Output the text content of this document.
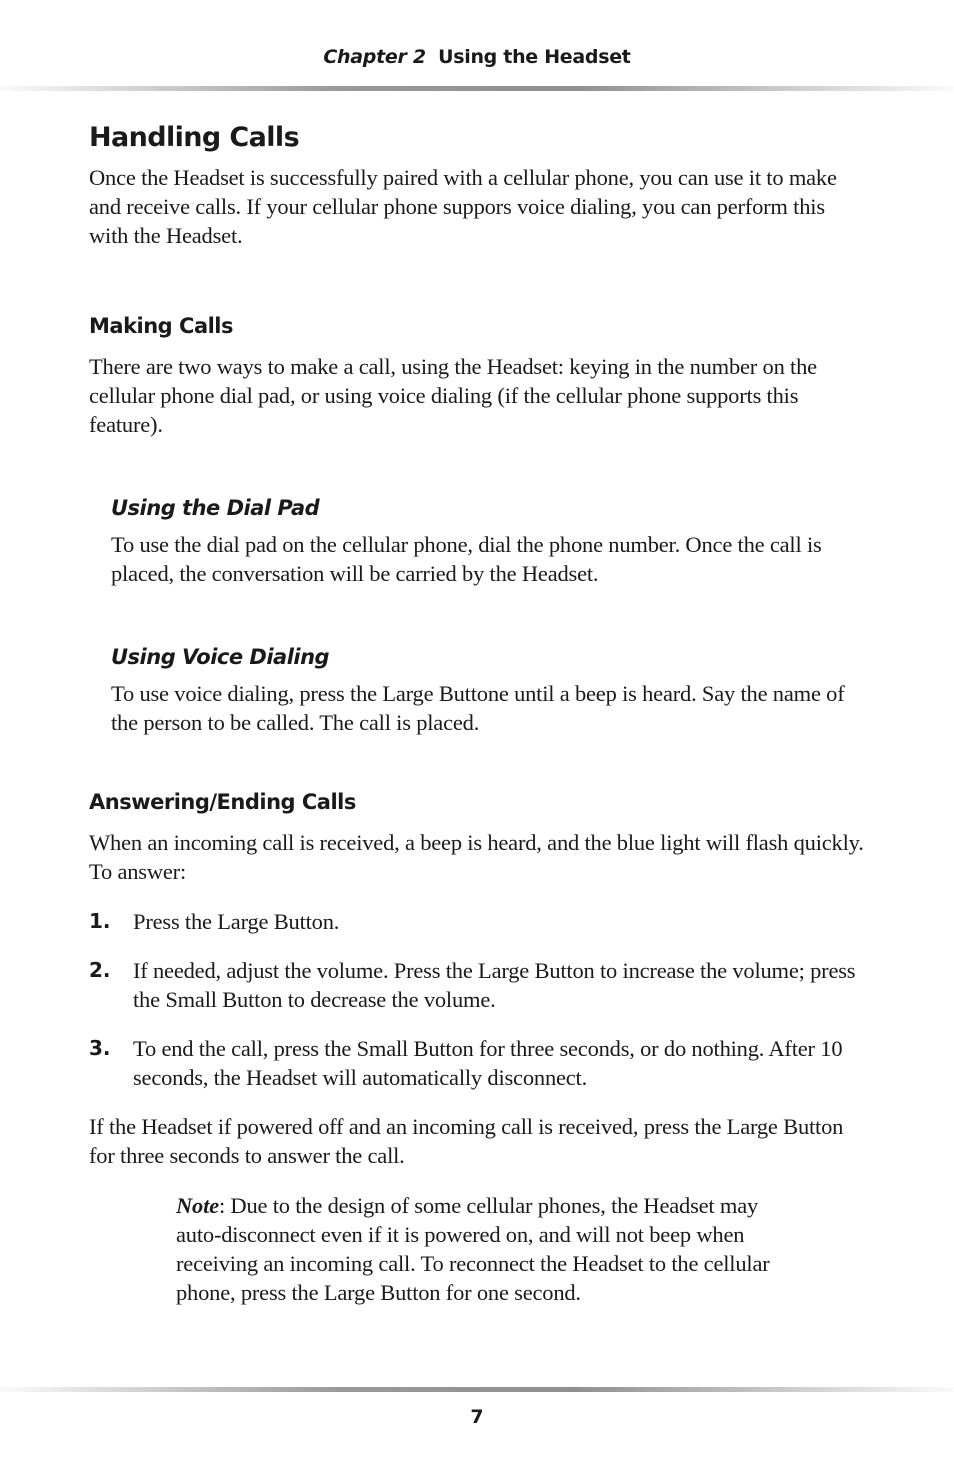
Chapter 2 Using the Headset
Handling Calls

Once the Headset is successfully paired with a cellular phone, you can use it to make and receive calls. If your cellular phone suppors voice dialing, you can perform this with the Headset.

Making Calls

There are two ways to make a call, using the Headset: keying in the number on the cellular phone dial pad, or using voice dialing (if the cellular phone supports this feature).

Using the Dial Pad

To use the dial pad on the cellular phone, dial the phone number. Once the call is placed, the conversation will be carried by the Headset.

Using Voice Dialing

To use voice dialing, press the Large Buttone until a beep is heard. Say the name of the person to be called. The call is placed.

Answering/Ending Calls

When an incoming call is received, a beep is heard, and the blue light will flash quickly. To answer:

1. Press the Large Button.
2. If needed, adjust the volume. Press the Large Button to increase the volume; press the Small Button to decrease the volume.
3. To end the call, press the Small Button for three seconds, or do nothing. After 10 seconds, the Headset will automatically disconnect.

If the Headset if powered off and an incoming call is received, press the Large Button for three seconds to answer the call.

Note: Due to the design of some cellular phones, the Headset may auto-disconnect even if it is powered on, and will not beep when receiving an incoming call. To reconnect the Headset to the cellular phone, press the Large Button for one second.
7
